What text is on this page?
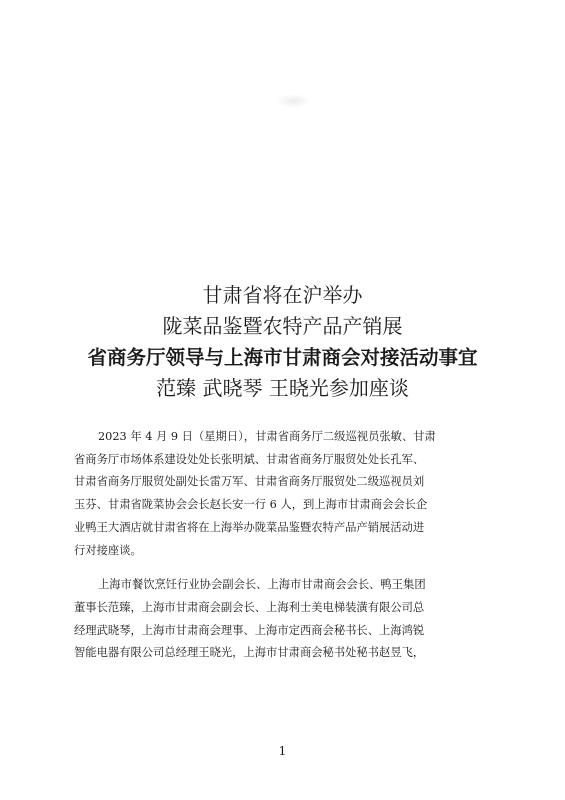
甘肃省将在沪举办
陇菜品鉴暨农特产品产销展
省商务厅领导与上海市甘肃商会对接活动事宜
范臻 武晓琴 王晓光参加座谈
2023 年 4 月 9 日（星期日），甘肃省商务厅二级巡视员张敏、甘肃
省商务厅市场体系建设处处长张明斌、甘肃省商务厅服贸处处长孔军、
甘肃省商务厅服贸处副处长雷万军、甘肃省商务厅服贸处二级巡视员刘
玉芬、甘肃省陇菜协会会长赵长安一行 6 人，到上海市甘肃商会会长企
业鸭王大酒店就甘肃省将在上海举办陇菜品鉴暨农特产品产销展活动进
行对接座谈。
上海市餐饮烹饪行业协会副会长、上海市甘肃商会会长、鸭王集团
董事长范臻，上海市甘肃商会副会长、上海利士美电梯装潢有限公司总
经理武晓琴，上海市甘肃商会理事、上海市定西商会秘书长、上海鸿锐
智能电器有限公司总经理王晓光，上海市甘肃商会秘书处秘书赵昱飞，
1
